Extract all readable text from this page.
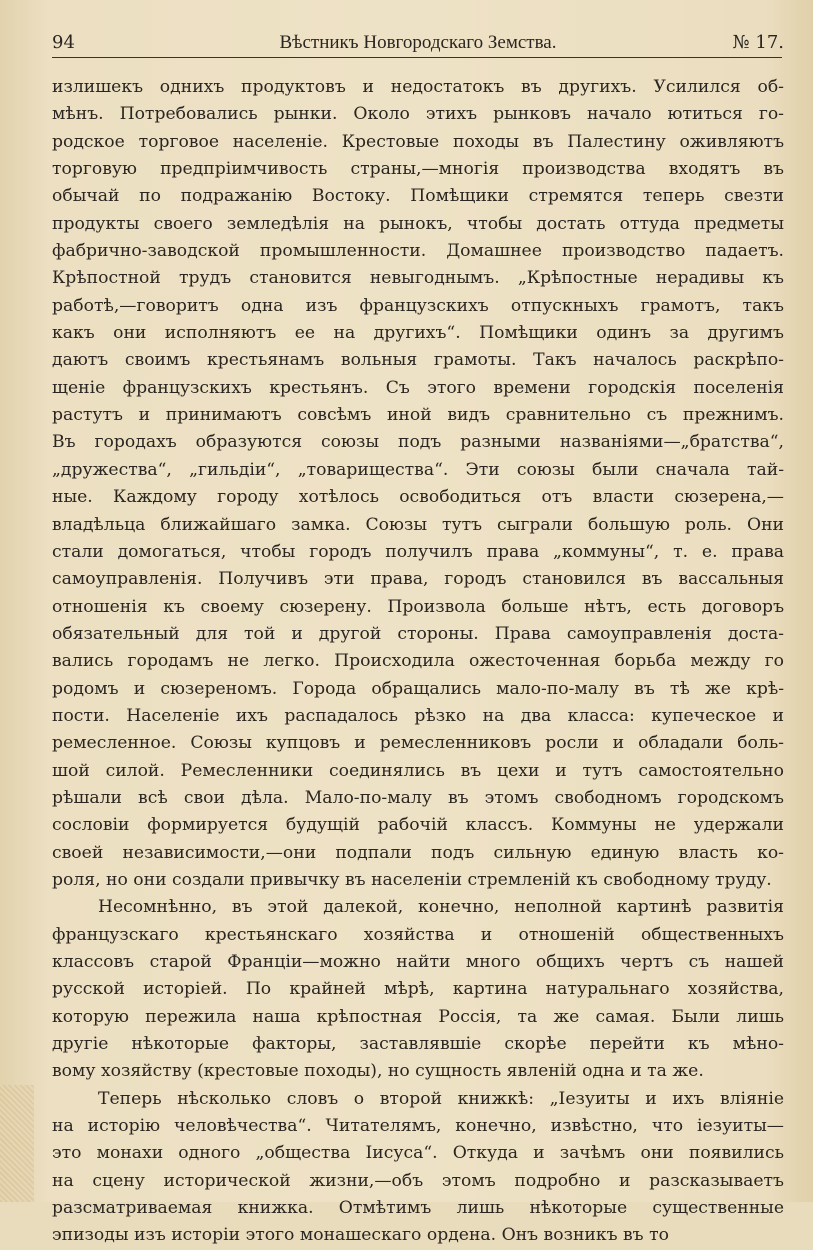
94	Вѣстникъ Новгородскаго Земства.	№ 17.
излишекъ однихъ продуктовъ и недостатокъ въ другихъ. Усилился об-
мѣнъ. Потребовались рынки. Около этихъ рынковъ начало ютиться го-
родское торговое населеніе. Крестовые походы въ Палестину оживляютъ
торговую предпріимчивость страны,—многія производства входятъ въ
обычай по подражанію Востоку. Помѣщики стремятся теперь свезти
продукты своего земледѣлія на рынокъ, чтобы достать оттуда предметы
фабрично-заводской промышленности. Домашнее производство падаетъ.
Крѣпостной трудъ становится невыгоднымъ. „Крѣпостные нерадивы къ
работѣ,—говоритъ одна изъ французскихъ отпускныхъ грамотъ, такъ
какъ они исполняютъ ее на другихъ“. Помѣщики одинъ за другимъ
даютъ своимъ крестьянамъ вольныя грамоты. Такъ началось раскрѣпо-
щеніе французскихъ крестьянъ. Съ этого времени городскія поселенія
растутъ и принимаютъ совсѣмъ иной видъ сравнительно съ прежнимъ.
Въ городахъ образуются союзы подъ разными названіями—„братства“,
„дружества“, „гильдіи“, „товарищества“. Эти союзы были сначала тай-
ные. Каждому городу хотѣлось освободиться отъ власти сюзерена,—
владѣльца ближайшаго замка. Союзы тутъ сыграли большую роль. Они
стали домогаться, чтобы городъ получилъ права „коммуны“, т. е. права
самоуправленія. Получивъ эти права, городъ становился въ вассальныя
отношенія къ своему сюзерену. Произвола больше нѣтъ, есть договоръ
обязательный для той и другой стороны. Права самоуправленія доста-
вались городамъ не легко. Происходила ожесточенная борьба между го
родомъ и сюзереномъ. Города обращались мало-по-малу въ тѣ же крѣ-
пости. Населеніе ихъ распадалось рѣзко на два класса: купеческое и
ремесленное. Союзы купцовъ и ремесленниковъ росли и обладали боль-
шой силой. Ремесленники соединялись въ цехи и тутъ самостоятельно
рѣшали всѣ свои дѣла. Мало-по-малу въ этомъ свободномъ городскомъ
сословіи формируется будущій рабочій классъ. Коммуны не удержали
своей независимости,—они подпали подъ сильную единую власть ко-
роля, но они создали привычку въ населеніи стремленій къ свободному труду.
Несомнѣнно, въ этой далекой, конечно, неполной картинѣ развитія
французскаго крестьянскаго хозяйства и отношеній общественныхъ
классовъ старой Франціи—можно найти много общихъ чертъ съ нашей
русской исторіей. По крайней мѣрѣ, картина натуральнаго хозяйства,
которую пережила наша крѣпостная Россія, та же самая. Были лишь
другіе нѣкоторые факторы, заставлявшіе скорѣе перейти къ мѣно-
вому хозяйству (крестовые походы), но сущность явленій одна и та же.
Теперь нѣсколько словъ о второй книжкѣ: „Іезуиты и ихъ вліяніе
на исторію человѣчества“. Читателямъ, конечно, извѣстно, что іезуиты—
это монахи одного „общества Іисуса“. Откуда и зачѣмъ они появились
на сцену исторической жизни,—объ этомъ подробно и разсказываетъ
разсматриваемая книжка. Отмѣтимъ лишь нѣкоторые существенные
эпизоды изъ исторіи этого монашескаго ордена. Онъ возникъ въ то
